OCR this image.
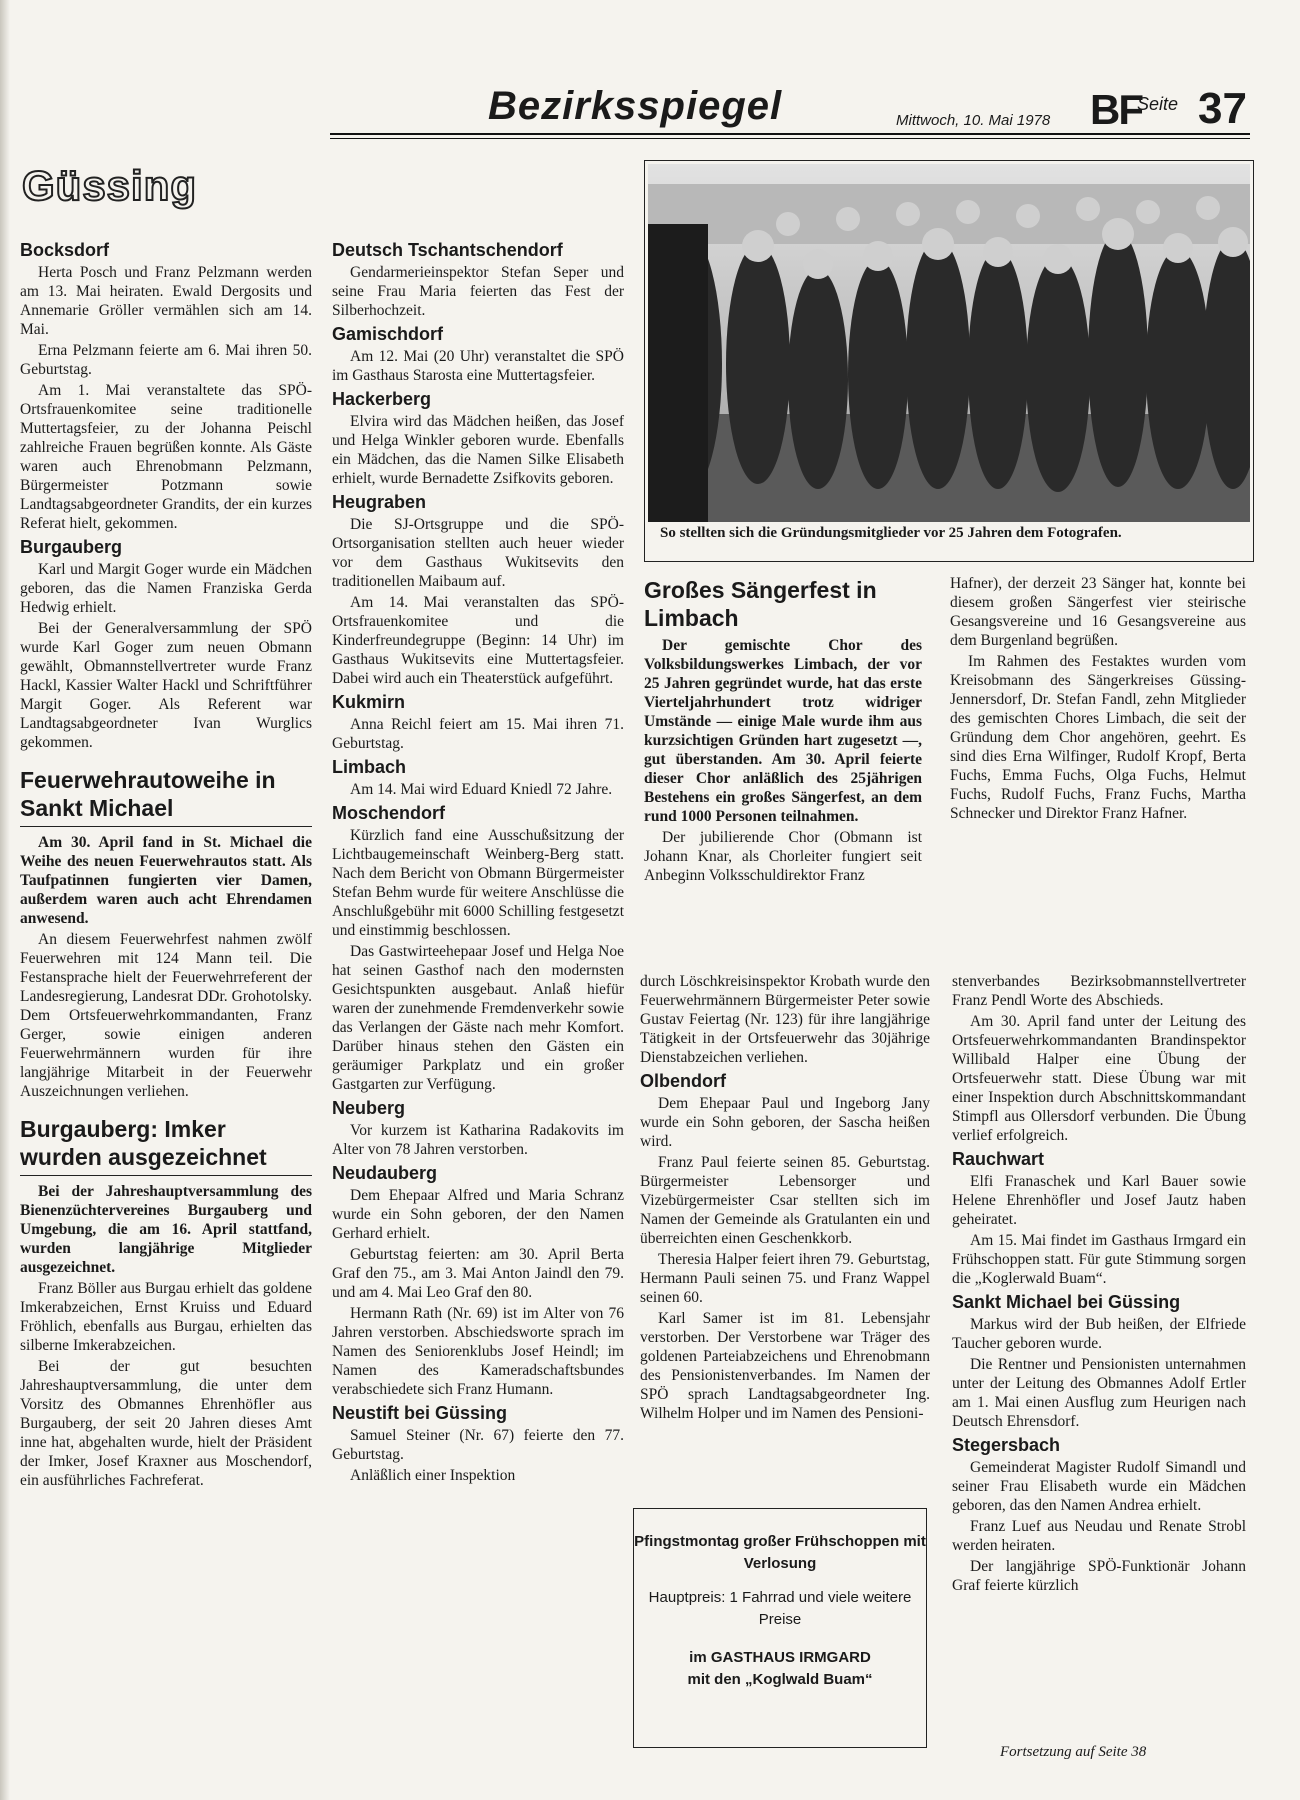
Bezirksspiegel	Mittwoch, 10. Mai 1978 BF
Seite 37
Güssing
Bocksdorf

Herta Posch und Franz Pelzmann werden am 13. Mai heiraten. Ewald Dergosits und Annemarie Gröller vermählen sich am 14. Mai.

Erna Pelzmann feierte am 6. Mai ihren 50. Geburtstag.

Am 1. Mai veranstaltete das SPÖ-Ortsfrauenkomitee seine traditionelle Muttertagsfeier, zu der Johanna Peischl zahlreiche Frauen begrüßen konnte. Als Gäste waren auch Ehrenobmann Pelzmann, Bürgermeister Potzmann sowie Landtagsabgeordneter Grandits, der ein kurzes Referat hielt, gekommen.

Burgauberg

Karl und Margit Goger wurde ein Mädchen geboren, das die Namen Franziska Gerda Hedwig erhielt.

Bei der Generalversammlung der SPÖ wurde Karl Goger zum neuen Obmann gewählt, Obmannstellvertreter wurde Franz Hackl, Kassier Walter Hackl und Schriftführer Margit Goger. Als Referent war Landtagsabgeordneter Ivan Wurglics gekommen.

Feuerwehrautoweihe in Sankt Michael

Am 30. April fand in St. Michael die Weihe des neuen Feuerwehrautos statt. Als Taufpatinnen fungierten vier Damen, außerdem waren auch acht Ehrendamen anwesend.

An diesem Feuerwehrfest nahmen zwölf Feuerwehren mit 124 Mann teil. Die Festansprache hielt der Feuerwehrreferent der Landesregierung, Landesrat DDr. Grohotolsky. Dem Ortsfeuerwehrkommandanten, Franz Gerger, sowie einigen anderen Feuerwehrmännern wurden für ihre langjährige Mitarbeit in der Feuerwehr Auszeichnungen verliehen.

Burgauberg: Imker wurden ausgezeichnet

Bei der Jahreshauptversammlung des Bienenzüchtervereines Burgauberg und Umgebung, die am 16. April stattfand, wurden langjährige Mitglieder ausgezeichnet.

Franz Böller aus Burgau erhielt das goldene Imkerabzeichen, Ernst Kruiss und Eduard Fröhlich, ebenfalls aus Burgau, erhielten das silberne Imkerabzeichen.

Bei der gut besuchten Jahreshauptversammlung, die unter dem Vorsitz des Obmannes Ehrenhöfler aus Burgauberg, der seit 20 Jahren dieses Amt inne hat, abgehalten wurde, hielt der Präsident der Imker, Josef Kraxner aus Moschendorf, ein ausführliches Fachreferat.

Deutsch Tschantschendorf

Gendarmerieinspektor Stefan Seper und seine Frau Maria feierten das Fest der Silberhochzeit.

Gamischdorf

Am 12. Mai (20 Uhr) veranstaltet die SPÖ im Gasthaus Starosta eine Muttertagsfeier.

Hackerberg

Elvira wird das Mädchen heißen, das Josef und Helga Winkler geboren wurde. Ebenfalls ein Mädchen, das die Namen Silke Elisabeth erhielt, wurde Bernadette Zsifkovits geboren.

Heugraben

Die SJ-Ortsgruppe und die SPÖ-Ortsorganisation stellten auch heuer wieder vor dem Gasthaus Wukitsevits den traditionellen Maibaum auf.

Am 14. Mai veranstalten das SPÖ-Ortsfrauenkomitee und die Kinderfreundegruppe (Beginn: 14 Uhr) im Gasthaus Wukitsevits eine Muttertagsfeier. Dabei wird auch ein Theaterstück aufgeführt.

Kukmirn

Anna Reichl feiert am 15. Mai ihren 71. Geburtstag.

Limbach

Am 14. Mai wird Eduard Kniedl 72 Jahre.

Moschendorf

Kürzlich fand eine Ausschußsitzung der Lichtbaugemeinschaft Weinberg-Berg statt. Nach dem Bericht von Obmann Bürgermeister Stefan Behm wurde für weitere Anschlüsse die Anschlußgebühr mit 6000 Schilling festgesetzt und einstimmig beschlossen.

Das Gastwirteehepaar Josef und Helga Noe hat seinen Gasthof nach den modernsten Gesichtspunkten ausgebaut. Anlaß hiefür waren der zunehmende Fremdenverkehr sowie das Verlangen der Gäste nach mehr Komfort. Darüber hinaus stehen den Gästen ein geräumiger Parkplatz und ein großer Gastgarten zur Verfügung.

Neuberg

Vor kurzem ist Katharina Radakovits im Alter von 78 Jahren verstorben.

Neudauberg

Dem Ehepaar Alfred und Maria Schranz wurde ein Sohn geboren, der den Namen Gerhard erhielt.

Geburtstag feierten: am 30. April Berta Graf den 75., am 3. Mai Anton Jaindl den 79. und am 4. Mai Leo Graf den 80.

Hermann Rath (Nr. 69) ist im Alter von 76 Jahren verstorben. Abschiedsworte sprach im Namen des Seniorenklubs Josef Heindl; im Namen des Kameradschaftsbundes verabschiedete sich Franz Humann.

Neustift bei Güssing

Samuel Steiner (Nr. 67) feierte den 77. Geburtstag.

Anläßlich einer Inspektion

So stellten sich die Gründungsmitglieder vor 25 Jahren dem Fotografen.
Großes Sängerfest in Limbach

Der gemischte Chor des Volksbildungswerkes Limbach, der vor 25 Jahren gegründet wurde, hat das erste Vierteljahrhundert trotz widriger Umstände — einige Male wurde ihm aus kurzsichtigen Gründen hart zugesetzt —, gut überstanden. Am 30. April feierte dieser Chor anläßlich des 25jährigen Bestehens ein großes Sängerfest, an dem rund 1000 Personen teilnahmen.

Der jubilierende Chor (Obmann ist Johann Knar, als Chorleiter fungiert seit Anbeginn Volksschuldirektor Franz

Hafner), der derzeit 23 Sänger hat, konnte bei diesem großen Sängerfest vier steirische Gesangsvereine und 16 Gesangsvereine aus dem Burgenland begrüßen.

Im Rahmen des Festaktes wurden vom Kreisobmann des Sängerkreises Güssing-Jennersdorf, Dr. Stefan Fandl, zehn Mitglieder des gemischten Chores Limbach, die seit der Gründung dem Chor angehören, geehrt. Es sind dies Erna Wilfinger, Rudolf Kropf, Berta Fuchs, Emma Fuchs, Olga Fuchs, Helmut Fuchs, Rudolf Fuchs, Franz Fuchs, Martha Schnecker und Direktor Franz Hafner.

durch Löschkreisinspektor Krobath wurde den Feuerwehrmännern Bürgermeister Peter sowie Gustav Feiertag (Nr. 123) für ihre langjährige Tätigkeit in der Ortsfeuerwehr das 30jährige Dienstabzeichen verliehen.

Olbendorf

Dem Ehepaar Paul und Ingeborg Jany wurde ein Sohn geboren, der Sascha heißen wird.

Franz Paul feierte seinen 85. Geburtstag. Bürgermeister Lebensorger und Vizebürgermeister Csar stellten sich im Namen der Gemeinde als Gratulanten ein und überreichten einen Geschenkkorb.

Theresia Halper feiert ihren 79. Geburtstag, Hermann Pauli seinen 75. und Franz Wappel seinen 60.

Karl Samer ist im 81. Lebensjahr verstorben. Der Verstorbene war Träger des goldenen Parteiabzeichens und Ehrenobmann des Pensionistenverbandes. Im Namen der SPÖ sprach Landtagsabgeordneter Ing. Wilhelm Holper und im Namen des Pensioni-

Pfingstmontag großer Frühschoppen mit Verlosung
Hauptpreis: 1 Fahrrad und viele weitere Preise
im GASTHAUS IRMGARD
mit den „Koglwald Buam“

stenverbandes Bezirksobmannstellvertreter Franz Pendl Worte des Abschieds.

Am 30. April fand unter der Leitung des Ortsfeuerwehrkommandanten Brandinspektor Willibald Halper eine Übung der Ortsfeuerwehr statt. Diese Übung war mit einer Inspektion durch Abschnittskommandant Stimpfl aus Ollersdorf verbunden. Die Übung verlief erfolgreich.

Rauchwart

Elfi Franaschek und Karl Bauer sowie Helene Ehrenhöfler und Josef Jautz haben geheiratet.

Am 15. Mai findet im Gasthaus Irmgard ein Frühschoppen statt. Für gute Stimmung sorgen die „Koglerwald Buam“.

Sankt Michael bei Güssing

Markus wird der Bub heißen, der Elfriede Taucher geboren wurde.

Die Rentner und Pensionisten unternahmen unter der Leitung des Obmannes Adolf Ertler am 1. Mai einen Ausflug zum Heurigen nach Deutsch Ehrensdorf.

Stegersbach

Gemeinderat Magister Rudolf Simandl und seiner Frau Elisabeth wurde ein Mädchen geboren, das den Namen Andrea erhielt.

Franz Luef aus Neudau und Renate Strobl werden heiraten.

Der langjährige SPÖ-Funktionär Johann Graf feierte kürzlich

Fortsetzung auf Seite 38
